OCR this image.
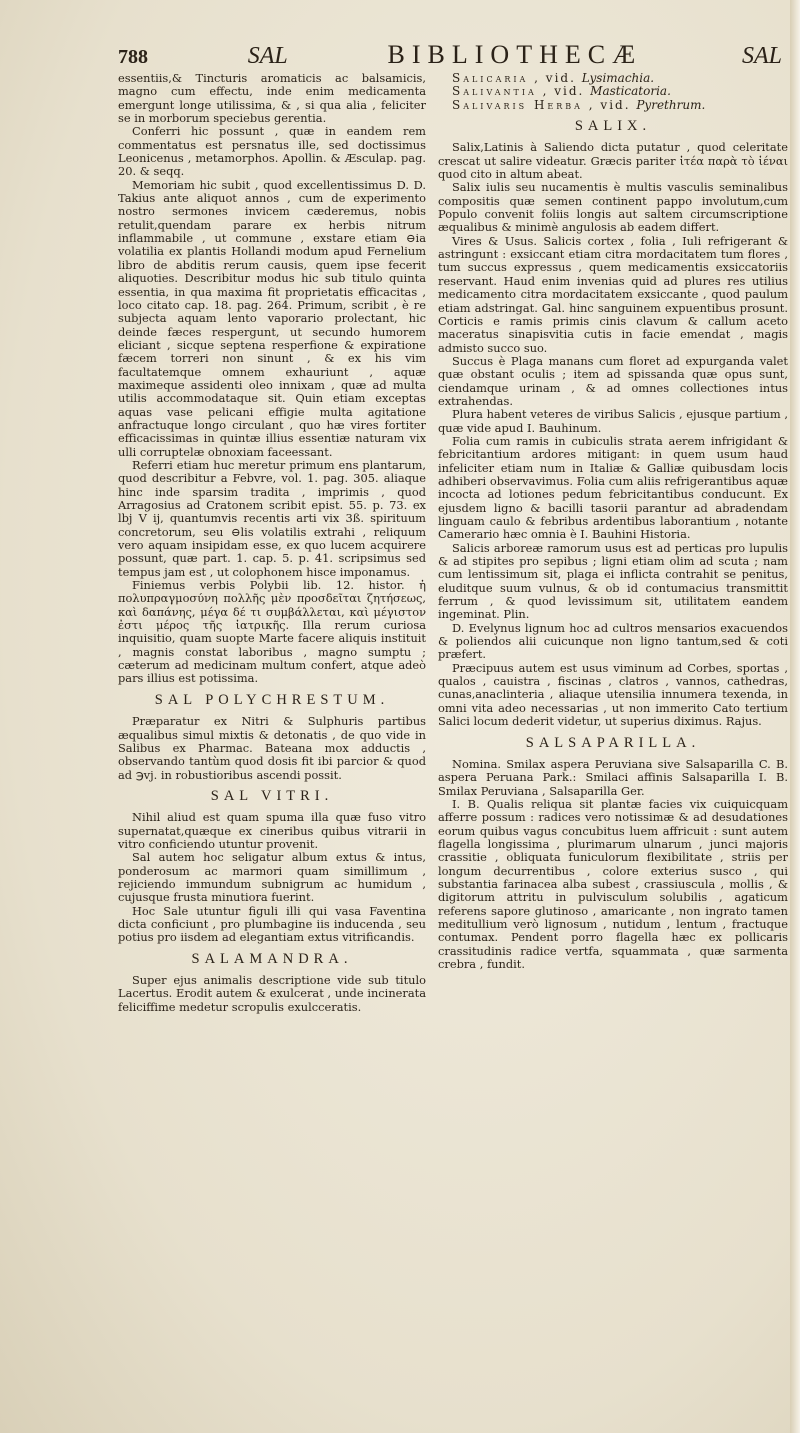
788	SAL	BIBLIOTHECÆ	SAL

essentiis,& Tincturis aromaticis ac balsamicis, magno cum effectu, inde enim medicamenta emergunt longe utilissima, & , si qua alia , feliciter se in morborum speciebus gerentia.

Conferri hic possunt , quæ in eandem rem commentatus est persnatus ille, sed doctissimus Leonicenus , metamorphos. Apollin. & Æsculap. pag. 20. & seqq.

Memoriam hic subit , quod excellentissimus D. D. Takius ante aliquot annos , cum de experimento nostro sermones invicem cæderemus, nobis retulit,quendam parare ex herbis nitrum inflammabile , ut commune , exstare etiam ⊖ia volatilia ex plantis Hollandi modum apud Fernelium libro de abditis rerum causis, quem ipse fecerit aliquoties. Describitur modus hic sub titulo quinta essentia, in qua maxima fit proprietatis efficacitas , loco citato cap. 18. pag. 264. Primum, scribit , è re subjecta aquam lento vaporario prolectant, hic deinde fæces respergunt, ut secundo humorem eliciant , sicque septena resperfione & expiratione fæcem torreri non sinunt , & ex his vim facultatemque omnem exhauriunt , aquæ maximeque assidenti oleo innixam , quæ ad multa utilis accommodataque sit. Quin etiam exceptas aquas vase pelicani effigie multa agitatione anfractuque longo circulant , quo hæ vires fortiter efficacissimas in quintæ illius essentiæ naturam vix ulli corruptelæ obnoxiam faceessant.

Referri etiam huc meretur primum ens plantarum, quod describitur a Febvre, vol. 1. pag. 305. aliaque hinc inde sparsim tradita , imprimis , quod Arragosius ad Cratonem scribit epist. 55. p. 73. ex lbj V ij, quantumvis recentis arti vix 3ß. spirituum concretorum, seu ⊖lis volatilis extrahi , reliquum vero aquam insipidam esse, ex quo lucem acquirere possunt, quæ part. 1. cap. 5. p. 41. scripsimus sed tempus jam est , ut colophonem hisce imponamus.

Finiemus verbis Polybii lib. 12. histor. ἡ πολυπραγμοσύνη πολλῆς μὲν προσδεῖται ζητήσεως, καὶ δαπάνης, μέγα δέ τι συμβάλλεται, καὶ μέγιστον ἐστι μέρος τῆς ἱατρικῆς. Illa rerum curiosa inquisitio, quam suopte Marte facere aliquis instituit , magnis constat laboribus , magno sumptu ; cæterum ad medicinam multum confert, atque adeò pars illius est potissima.

SAL POLYCHRESTUM.

Præparatur ex Nitri & Sulphuris partibus æqualibus simul mixtis & detonatis , de quo vide in Salibus ex Pharmac. Bateana mox adductis , observando tantùm quod dosis fit ibi parcior & quod ad ℈vj. in robustioribus ascendi possit.

SAL VITRI.

Nihil aliud est quam spuma illa quæ fuso vitro supernatat,quæque ex cineribus quibus vitrarii in vitro conficiendo utuntur provenit.

Sal autem hoc seligatur album extus & intus, ponderosum ac marmori quam simillimum , rejiciendo immundum subnigrum ac humidum , cujusque frusta minutiora fuerint.

Hoc Sale utuntur figuli illi qui vasa Faventina dicta conficiunt , pro plumbagine iis inducenda , seu potius pro iisdem ad elegantiam extus vitrificandis.

SALAMANDRA.

Super ejus animalis descriptione vide sub titulo Lacertus. Erodit autem & exulcerat , unde incinerata feliciffime medetur scropulis exulcceratis.

Salicaria , vid. Lysimachia.

Salivantia , vid. Masticatoria.

Salivaris Herba , vid. Pyrethrum.

SALIX.

Salix,Latinis à Saliendo dicta putatur , quod celeritate crescat ut salire videatur. Græcis pariter ἰτέα παρὰ τὸ ἱέναι quod cito in altum abeat.

Salix iulis seu nucamentis è multis vasculis seminalibus compositis quæ semen continent pappo involutum,cum Populo convenit foliis longis aut saltem circumscriptione æqualibus & minimè angulosis ab eadem differt.

Vires & Usus. Salicis cortex , folia , Iuli refrigerant & astringunt : exsiccant etiam citra mordacitatem tum flores , tum succus expressus , quem medicamentis exsiccatoriis reservant. Haud enim invenias quid ad plures res utilius medicamento citra mordacitatem exsiccante , quod paulum etiam adstringat. Gal. hinc sanguinem expuentibus prosunt. Corticis e ramis primis cinis clavum & callum aceto maceratus sinapisvitia cutis in facie emendat , magis admisto succo suo.

Succus è Plaga manans cum floret ad expurganda valet quæ obstant oculis ; item ad spissanda quæ opus sunt, ciendamque urinam , & ad omnes collectiones intus extrahendas.

Plura habent veteres de viribus Salicis , ejusque partium , quæ vide apud I. Bauhinum.

Folia cum ramis in cubiculis strata aerem infrigidant & febricitantium ardores mitigant: in quem usum haud infeliciter etiam num in Italiæ & Galliæ quibusdam locis adhiberi observavimus. Folia cum aliis refrigerantibus aquæ incocta ad lotiones pedum febricitantibus conducunt. Ex ejusdem ligno & bacilli tasorii parantur ad abradendam linguam caulo & febribus ardentibus laborantium , notante Camerario hæc omnia è I. Bauhini Historia.

Salicis arboreæ ramorum usus est ad perticas pro lupulis & ad stipites pro sepibus ; ligni etiam olim ad scuta ; nam cum lentissimum sit, plaga ei inflicta contrahit se penitus, eluditque suum vulnus, & ob id contumacius transmittit ferrum , & quod levissimum sit, utilitatem eandem ingeminat. Plin.

D. Evelynus lignum hoc ad cultros mensarios exacuendos & poliendos alii cuicunque non ligno tantum,sed & coti præfert.

Præcipuus autem est usus viminum ad Corbes, sportas , qualos , cauistra , fiscinas , clatros , vannos, cathedras, cunas,anaclinteria , aliaque utensilia innumera texenda, in omni vita adeo necessarias , ut non immerito Cato tertium Salici locum dederit videtur, ut superius diximus. Rajus.

SALSAPARILLA.

Nomina. Smilax aspera Peruviana sive Salsaparilla C. B. aspera Peruana Park.: Smilaci affinis Salsaparilla I. B. Smilax Peruviana , Salsaparilla Ger.

I. B. Qualis reliqua sit plantæ facies vix cuiquicquam afferre possum : radices vero notissimæ & ad desudationes eorum quibus vagus concubitus luem affricuit : sunt autem flagella longissima , plurimarum ulnarum , junci majoris crassitie , obliquata funiculorum flexibilitate , striis per longum decurrentibus , colore exterius susco , qui substantia farinacea alba subest , crassiuscula , mollis , & digitorum attritu in pulvisculum solubilis , agaticum referens sapore glutinoso , amaricante , non ingrato tamen meditullium verò lignosum , nutidum , lentum , fractuque contumax. Pendent porro flagella hæc ex pollicaris crassitudinis radice vertfa, squammata , quæ sarmenta crebra , fundit.
